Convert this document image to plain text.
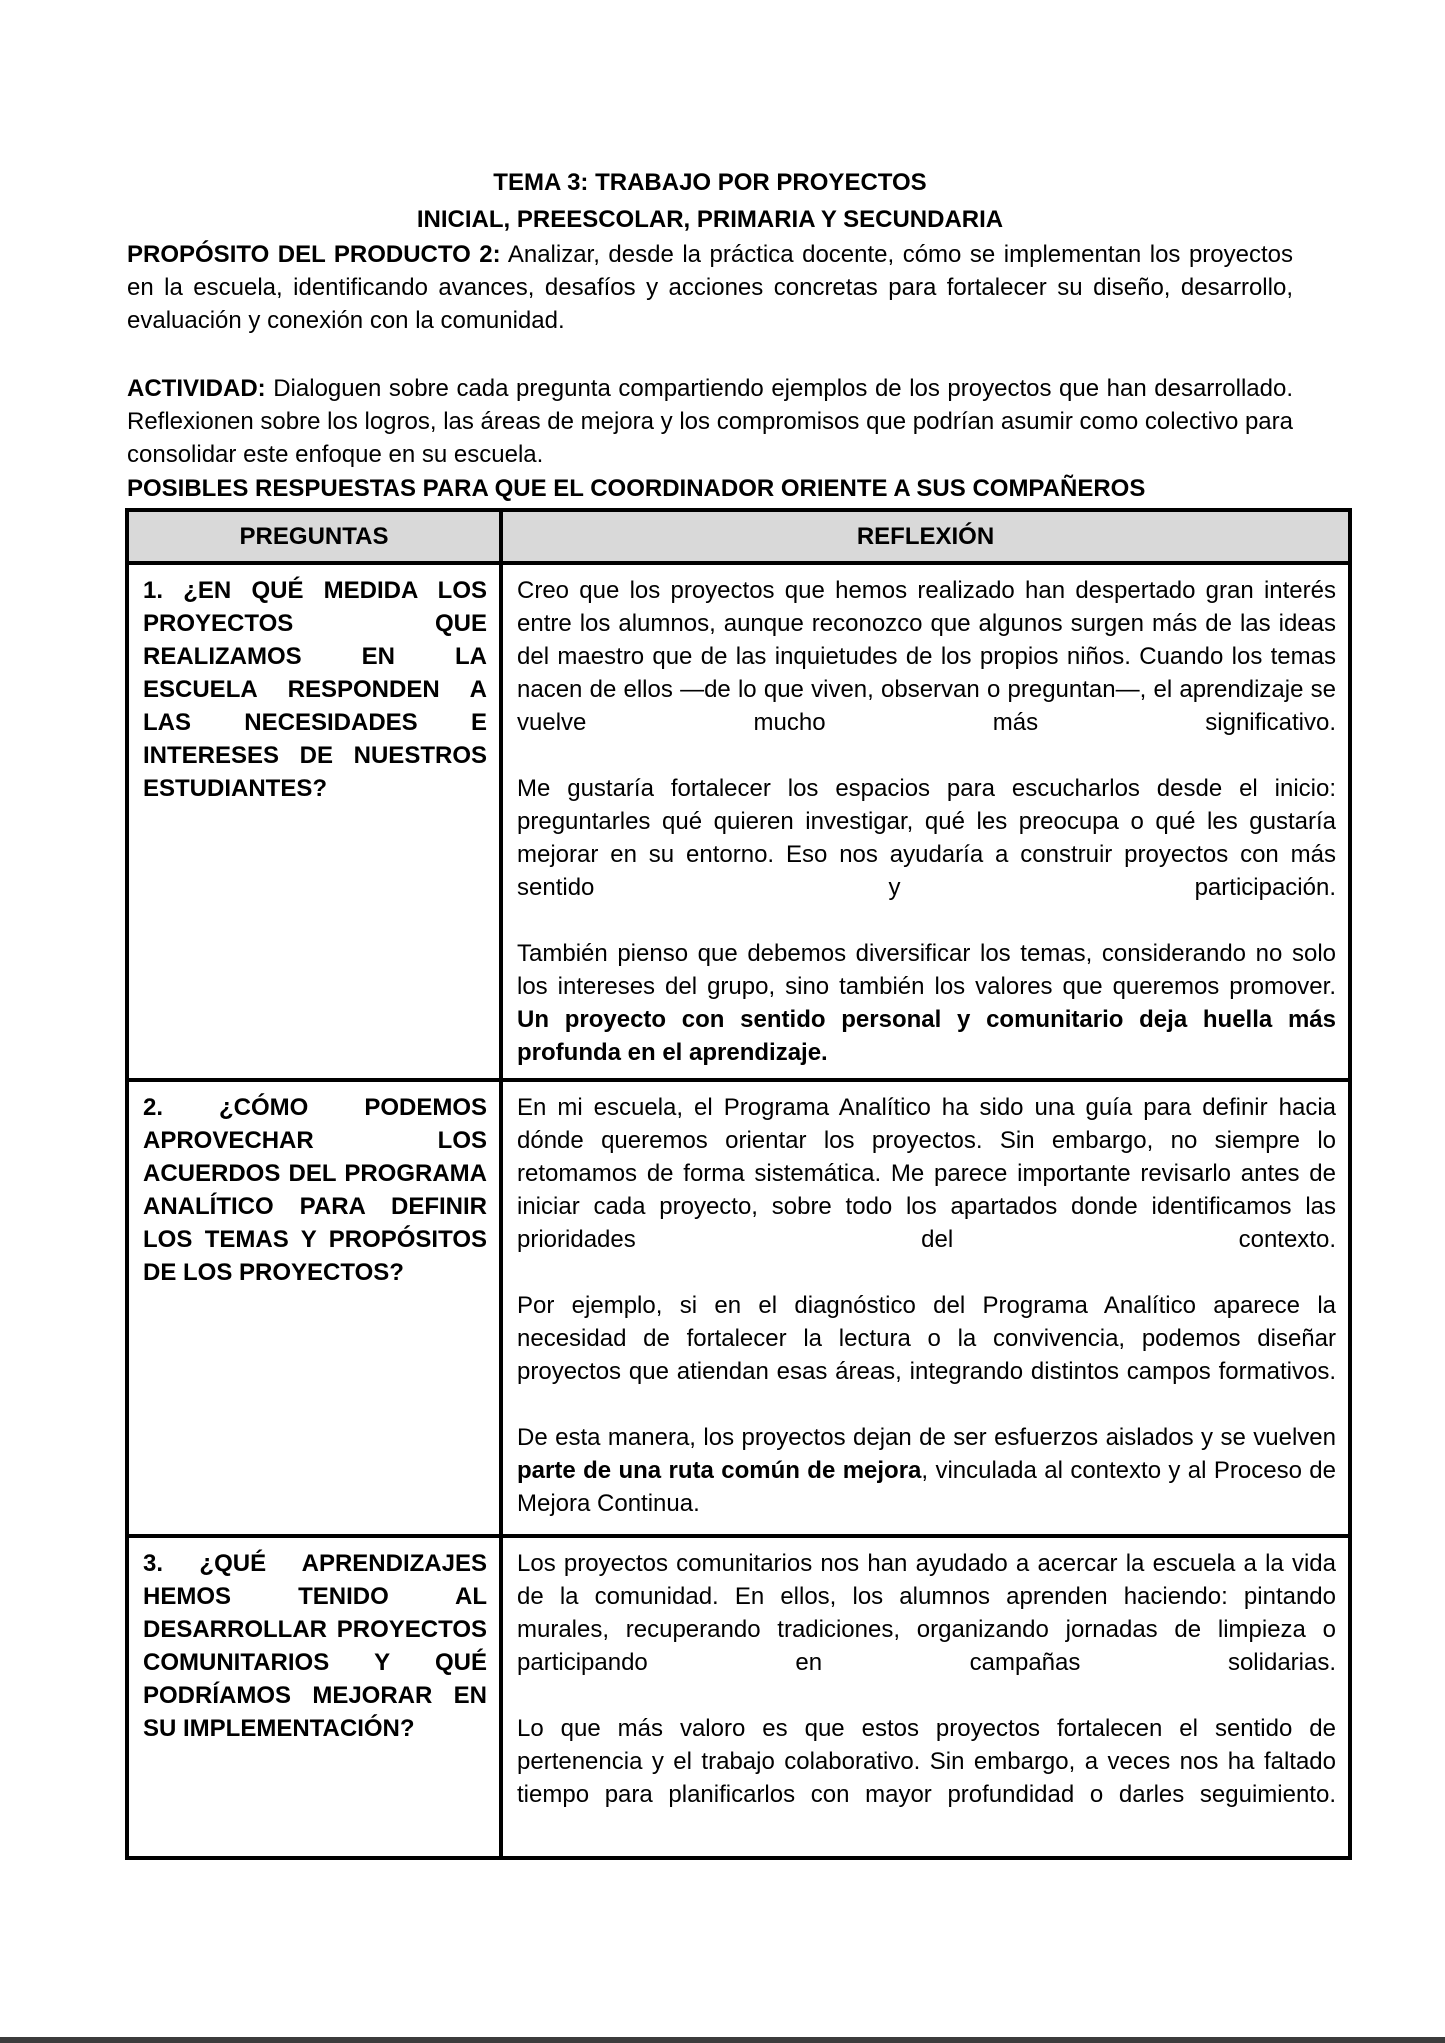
TEMA 3: TRABAJO POR PROYECTOS
INICIAL, PREESCOLAR, PRIMARIA Y SECUNDARIA

PROPÓSITO DEL PRODUCTO 2: Analizar, desde la práctica docente, cómo se implementan los proyectos en la escuela, identificando avances, desafíos y acciones concretas para fortalecer su diseño, desarrollo, evaluación y conexión con la comunidad.

ACTIVIDAD: Dialoguen sobre cada pregunta compartiendo ejemplos de los proyectos que han desarrollado. Reflexionen sobre los logros, las áreas de mejora y los compromisos que podrían asumir como colectivo para consolidar este enfoque en su escuela.

POSIBLES RESPUESTAS PARA QUE EL COORDINADOR ORIENTE A SUS COMPAÑEROS
PREGUNTAS	REFLEXIÓN

1. ¿EN QUÉ MEDIDA LOS PROYECTOS QUE REALIZAMOS EN LA ESCUELA RESPONDEN A LAS NECESIDADES E INTERESES DE NUESTROS ESTUDIANTES?	Creo que los proyectos que hemos realizado han despertado gran interés entre los alumnos, aunque reconozco que algunos surgen más de las ideas del maestro que de las inquietudes de los propios niños. Cuando los temas nacen de ellos —de lo que viven, observan o preguntan—, el aprendizaje se vuelve mucho más significativo.

Me gustaría fortalecer los espacios para escucharlos desde el inicio: preguntarles qué quieren investigar, qué les preocupa o qué les gustaría mejorar en su entorno. Eso nos ayudaría a construir proyectos con más sentido y participación.

También pienso que debemos diversificar los temas, considerando no solo los intereses del grupo, sino también los valores que queremos promover. Un proyecto con sentido personal y comunitario deja huella más profunda en el aprendizaje.

2. ¿CÓMO PODEMOS APROVECHAR LOS ACUERDOS DEL PROGRAMA ANALÍTICO PARA DEFINIR LOS TEMAS Y PROPÓSITOS DE LOS PROYECTOS?	En mi escuela, el Programa Analítico ha sido una guía para definir hacia dónde queremos orientar los proyectos. Sin embargo, no siempre lo retomamos de forma sistemática. Me parece importante revisarlo antes de iniciar cada proyecto, sobre todo los apartados donde identificamos las prioridades del contexto.

Por ejemplo, si en el diagnóstico del Programa Analítico aparece la necesidad de fortalecer la lectura o la convivencia, podemos diseñar proyectos que atiendan esas áreas, integrando distintos campos formativos.

De esta manera, los proyectos dejan de ser esfuerzos aislados y se vuelven parte de una ruta común de mejora, vinculada al contexto y al Proceso de Mejora Continua.

3. ¿QUÉ APRENDIZAJES HEMOS TENIDO AL DESARROLLAR PROYECTOS COMUNITARIOS Y QUÉ PODRÍAMOS MEJORAR EN SU IMPLEMENTACIÓN?	Los proyectos comunitarios nos han ayudado a acercar la escuela a la vida de la comunidad. En ellos, los alumnos aprenden haciendo: pintando murales, recuperando tradiciones, organizando jornadas de limpieza o participando en campañas solidarias.

Lo que más valoro es que estos proyectos fortalecen el sentido de pertenencia y el trabajo colaborativo. Sin embargo, a veces nos ha faltado tiempo para planificarlos con mayor profundidad o darles seguimiento.
